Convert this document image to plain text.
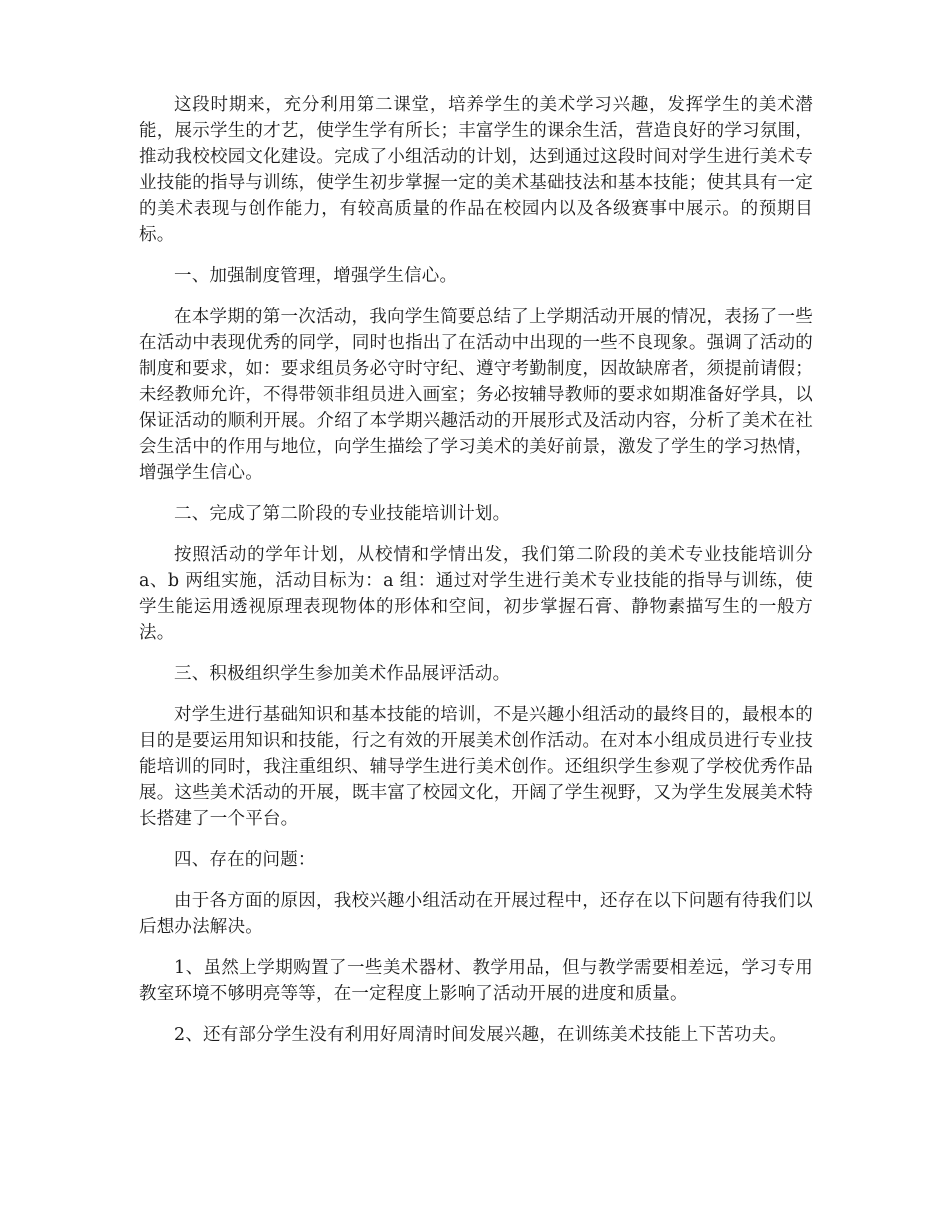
这段时期来，充分利用第二课堂，培养学生的美术学习兴趣，发挥学生的美术潜能，展示学生的才艺，使学生学有所长；丰富学生的课余生活，营造良好的学习氛围，推动我校校园文化建设。完成了小组活动的计划，达到通过这段时间对学生进行美术专业技能的指导与训练，使学生初步掌握一定的美术基础技法和基本技能；使其具有一定的美术表现与创作能力，有较高质量的作品在校园内以及各级赛事中展示。的预期目标。

一、加强制度管理，增强学生信心。

在本学期的第一次活动，我向学生简要总结了上学期活动开展的情况，表扬了一些在活动中表现优秀的同学，同时也指出了在活动中出现的一些不良现象。强调了活动的制度和要求，如：要求组员务必守时守纪、遵守考勤制度，因故缺席者，须提前请假；未经教师允许，不得带领非组员进入画室；务必按辅导教师的要求如期准备好学具，以保证活动的顺利开展。介绍了本学期兴趣活动的开展形式及活动内容，分析了美术在社会生活中的作用与地位，向学生描绘了学习美术的美好前景，激发了学生的学习热情，增强学生信心。

二、完成了第二阶段的专业技能培训计划。

按照活动的学年计划，从校情和学情出发，我们第二阶段的美术专业技能培训分 a、b 两组实施，活动目标为：a 组：通过对学生进行美术专业技能的指导与训练，使学生能运用透视原理表现物体的形体和空间，初步掌握石膏、静物素描写生的一般方法。

三、积极组织学生参加美术作品展评活动。

对学生进行基础知识和基本技能的培训，不是兴趣小组活动的最终目的，最根本的目的是要运用知识和技能，行之有效的开展美术创作活动。在对本小组成员进行专业技能培训的同时，我注重组织、辅导学生进行美术创作。还组织学生参观了学校优秀作品展。这些美术活动的开展，既丰富了校园文化，开阔了学生视野，又为学生发展美术特长搭建了一个平台。

四、存在的问题：

由于各方面的原因，我校兴趣小组活动在开展过程中，还存在以下问题有待我们以后想办法解决。

1、虽然上学期购置了一些美术器材、教学用品，但与教学需要相差远，学习专用教室环境不够明亮等等，在一定程度上影响了活动开展的进度和质量。

2、还有部分学生没有利用好周清时间发展兴趣，在训练美术技能上下苦功夫。
